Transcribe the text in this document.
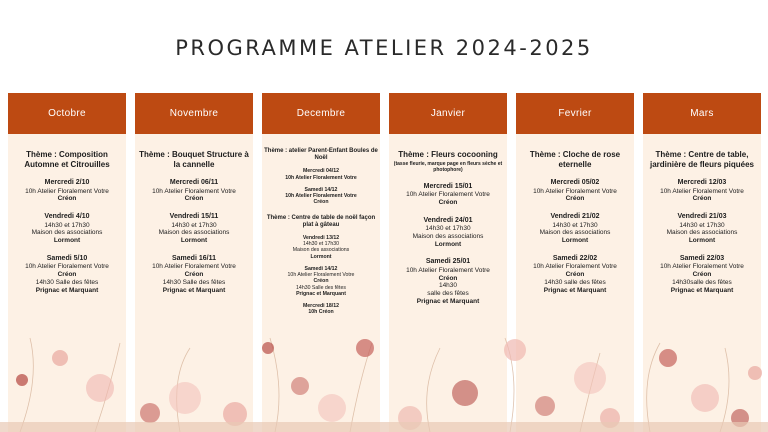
PROGRAMME ATELIER 2024-2025
Octobre
Thème : Composition Automne et Citrouilles
Mercredi 2/10
10h Atelier Floralement Votre
Créon
Vendredi 4/10
14h30 et 17h30
Maison des associations
Lormont
Samedi 5/10
10h Atelier Floralement Votre
Créon
14h30 Salle des fêtes
Prignac et Marquant
Novembre
Thème : Bouquet Structure à la cannelle
Mercredi 06/11
10h Atelier Floralement Votre
Créon
Vendredi 15/11
14h30 et 17h30
Maison des associations
Lormont
Samedi 16/11
10h Atelier Floralement Votre
Créon
14h30 Salle des fêtes
Prignac et Marquant
Decembre
Thème : atelier Parent-Enfant Boules de Noël
Mercredi 04/12
10h Atelier Floralement Votre
Samedi 14/12
10h Atelier Floralement Votre
Créon
Thème : Centre de table de noël façon plat à gâteau
Vendredi 13/12
14h30 et 17h30
Maison des associations
Lormont
Samedi 14/12
10h Atelier Floralement Votre
Créon
14h30 Salle des fêtes
Prignac et Marquant
Mercredi 18/12
10h Créon
Janvier
Thème : Fleurs cocooning
(tasse fleurie, marque page en fleurs sèche et photophore)
Mercredi 15/01
10h Atelier Floralement Votre
Créon
Vendredi 24/01
14h30 et 17h30
Maison des associations
Lormont
Samedi 25/01
10h Atelier Floralement Votre
Créon
14h30
salle des fêtes
Prignac et Marquant
Fevrier
Thème : Cloche de rose eternelle
Mercredi 05/02
10h Atelier Floralement Votre
Créon
Vendredi 21/02
14h30 et 17h30
Maison des associations
Lormont
Samedi 22/02
10h Atelier Floralement Votre
Créon
14h30 salle des fêtes
Prignac et Marquant
Mars
Thème : Centre de table, jardinière de fleurs piquées
Mercredi 12/03
10h Atelier Floralement Votre
Créon
Vendredi 21/03
14h30 et 17h30
Maison des associations
Lormont
Samedi 22/03
10h Atelier Floralement Votre
Créon
14h30salle des fêtes
Prignac et Marquant
